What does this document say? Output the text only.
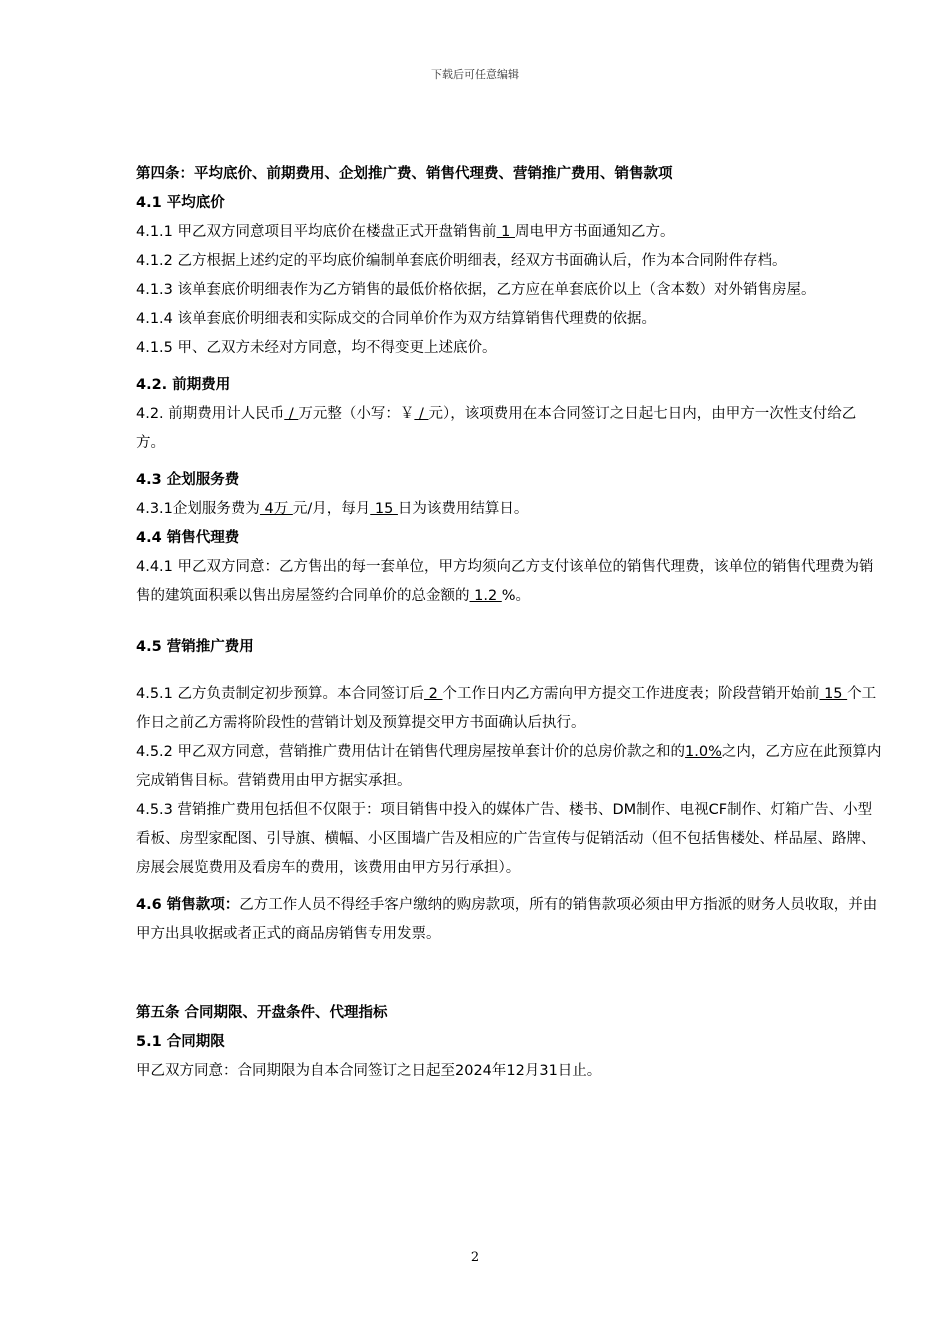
下载后可任意编辑

第四条：平均底价、前期费用、企划推广费、销售代理费、营销推广费用、销售款项

4.1 平均底价

4.1.1 甲乙双方同意项目平均底价在楼盘正式开盘销售前 1 周电甲方书面通知乙方。

4.1.2 乙方根据上述约定的平均底价编制单套底价明细表，经双方书面确认后，作为本合同附件存档。

4.1.3 该单套底价明细表作为乙方销售的最低价格依据，乙方应在单套底价以上（含本数）对外销售房屋。

4.1.4 该单套底价明细表和实际成交的合同单价作为双方结算销售代理费的依据。

4.1.5 甲、乙双方未经对方同意，均不得变更上述底价。

4.2. 前期费用

4.2. 前期费用计人民币 / 万元整（小写：￥ / 元），该项费用在本合同签订之日起七日内，由甲方一次性支付给乙方。

4.3 企划服务费

4.3.1企划服务费为 4万 元/月，每月 15 日为该费用结算日。

4.4 销售代理费

4.4.1 甲乙双方同意：乙方售出的每一套单位，甲方均须向乙方支付该单位的销售代理费，该单位的销售代理费为销售的建筑面积乘以售出房屋签约合同单价的总金额的 1.2 %。

4.5 营销推广费用

4.5.1 乙方负责制定初步预算。本合同签订后 2 个工作日内乙方需向甲方提交工作进度表；阶段营销开始前 15 个工作日之前乙方需将阶段性的营销计划及预算提交甲方书面确认后执行。

4.5.2 甲乙双方同意，营销推广费用估计在销售代理房屋按单套计价的总房价款之和的1.0%之内，乙方应在此预算内完成销售目标。营销费用由甲方据实承担。

4.5.3 营销推广费用包括但不仅限于：项目销售中投入的媒体广告、楼书、DM制作、电视CF制作、灯箱广告、小型看板、房型家配图、引导旗、横幅、小区围墙广告及相应的广告宣传与促销活动（但不包括售楼处、样品屋、路牌、房展会展览费用及看房车的费用，该费用由甲方另行承担）。

4.6 销售款项：乙方工作人员不得经手客户缴纳的购房款项，所有的销售款项必须由甲方指派的财务人员收取，并由甲方出具收据或者正式的商品房销售专用发票。

第五条 合同期限、开盘条件、代理指标

5.1 合同期限

甲乙双方同意：合同期限为自本合同签订之日起至2024年12月31日止。

2
